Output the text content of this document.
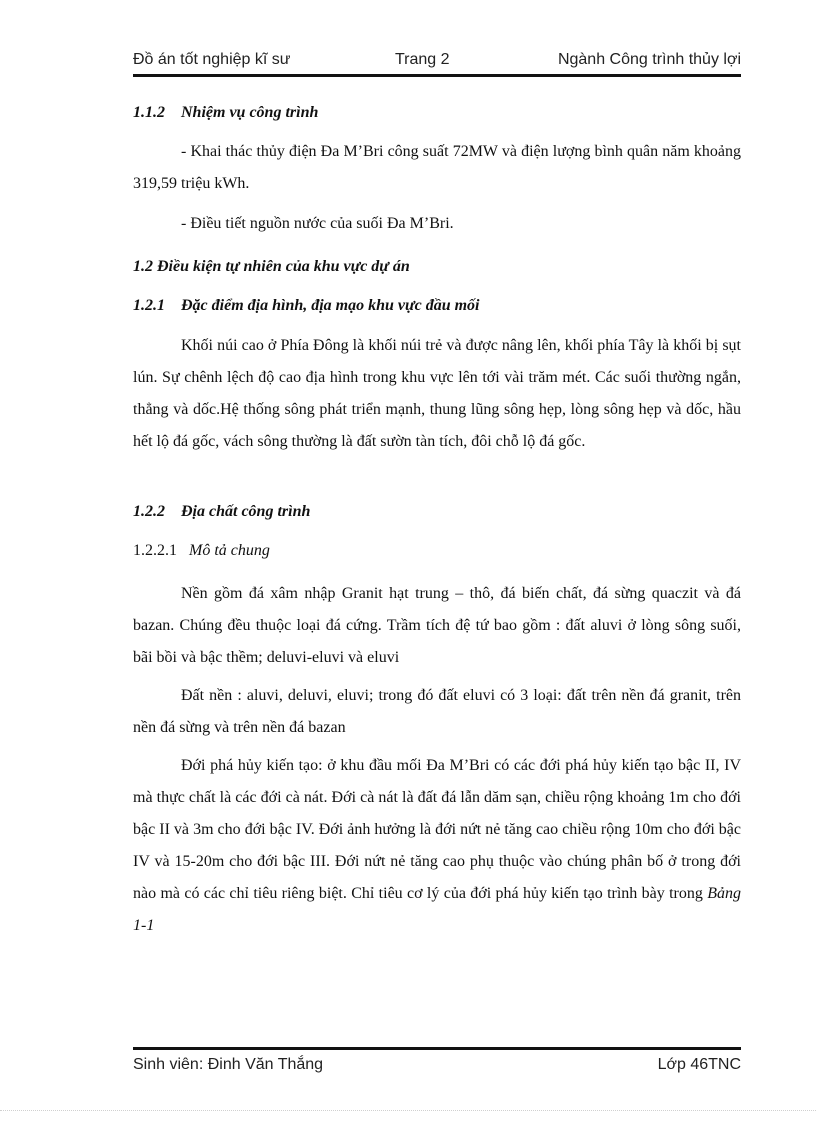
Đồ án tốt nghiệp kĩ sư	Trang 2	Ngành Công trình thủy lợi
1.1.2 Nhiệm vụ công trình
- Khai thác thủy điện Đa M’Bri công suất 72MW và điện lượng bình quân năm khoảng 319,59 triệu kWh.
- Điều tiết nguồn nước của suối Đa M’Bri.
1.2 Điều kiện tự nhiên của khu vực dự án
1.2.1 Đặc điểm địa hình, địa mạo khu vực đầu mối
Khối núi cao ở Phía Đông là khối núi trẻ và được nâng lên, khối phía Tây là khối bị sụt lún. Sự chênh lệch độ cao địa hình trong khu vực lên tới vài trăm mét. Các suối thường ngắn, thẳng và dốc.Hệ thống sông phát triển mạnh, thung lũng sông hẹp, lòng sông hẹp và dốc, hầu hết lộ đá gốc, vách sông thường là đất sườn tàn tích, đôi chỗ lộ đá gốc.
1.2.2 Địa chất công trình
1.2.2.1 Mô tả chung
Nền gồm đá xâm nhập Granit hạt trung – thô, đá biến chất, đá sừng quaczit và đá bazan. Chúng đều thuộc loại đá cứng. Trầm tích đệ tứ bao gồm : đất aluvi ở lòng sông suối, bãi bồi và bậc thềm; deluvi-eluvi và eluvi
Đất nền : aluvi, deluvi, eluvi; trong đó đất eluvi có 3 loại: đất trên nền đá granit, trên nền đá sừng và trên nền đá bazan
Đới phá hủy kiến tạo: ở khu đầu mối Đa M’Bri có các đới phá hủy kiến tạo bậc II, IV mà thực chất là các đới cà nát. Đới cà nát là đất đá lẫn dăm sạn, chiều rộng khoảng 1m cho đới bậc II và 3m cho đới bậc IV. Đới ảnh hưởng là đới nứt nẻ tăng cao chiều rộng 10m cho đới bậc IV và 15-20m cho đới bậc III. Đới nứt nẻ tăng cao phụ thuộc vào chúng phân bố ở trong đới nào mà có các chỉ tiêu riêng biệt. Chỉ tiêu cơ lý của đới phá hủy kiến tạo trình bày trong Bảng 1-1
Sinh viên: Đinh Văn Thắng	Lớp 46TNC
